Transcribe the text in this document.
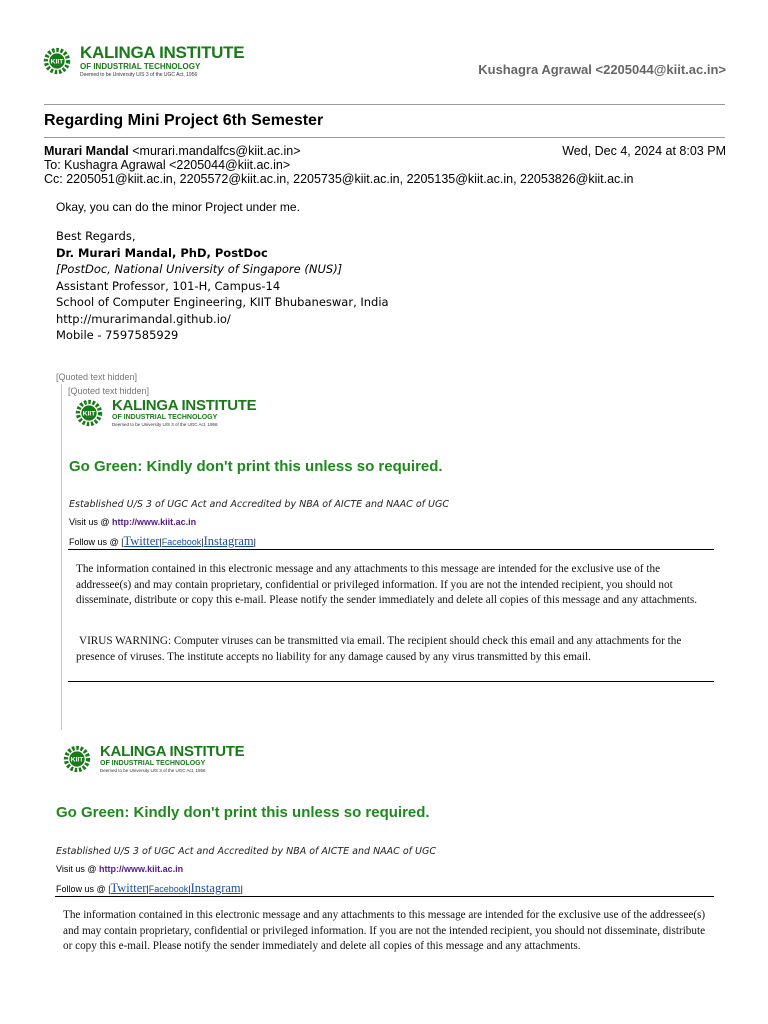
KIIT
KALINGA INSTITUTE
OF INDUSTRIAL TECHNOLOGY
Deemed to be University U/S 3 of the UGC Act, 1956	Kushagra Agrawal <2205044@kiit.ac.in>
Regarding Mini Project 6th Semester
Murari Mandal <murari.mandalfcs@kiit.ac.in>	Wed, Dec 4, 2024 at 8:03 PM
To: Kushagra Agrawal <2205044@kiit.ac.in>
Cc: 2205051@kiit.ac.in, 2205572@kiit.ac.in, 2205735@kiit.ac.in, 2205135@kiit.ac.in, 22053826@kiit.ac.in
Okay, you can do the minor Project under me.
Best Regards,
Dr. Murari Mandal, PhD, PostDoc
[PostDoc, National University of Singapore (NUS)]
Assistant Professor, 101-H, Campus-14
School of Computer Engineering, KIIT Bhubaneswar, India
http://murarimandal.github.io/
Mobile - 7597585929
[Quoted text hidden]
[Quoted text hidden]
KIIT KALINGA INSTITUTE
OF INDUSTRIAL TECHNOLOGY
Deemed to be University U/S 3 of the UGC Act, 1956
Go Green: Kindly don't print this unless so required.
Established U/S 3 of UGC Act and Accredited by NBA of AICTE and NAAC of UGC
Visit us @ http://www.kiit.ac.in
Follow us @ |Twitter|Facebook|Instagram|
The information contained in this electronic message and any attachments to this message are intended for the exclusive use of the addressee(s) and may contain proprietary, confidential or privileged information. If you are not the intended recipient, you should not disseminate, distribute or copy this e-mail. Please notify the sender immediately and delete all copies of this message and any attachments.
VIRUS WARNING: Computer viruses can be transmitted via email. The recipient should check this email and any attachments for the presence of viruses. The institute accepts no liability for any damage caused by any virus transmitted by this email.
KIIT KALINGA INSTITUTE
OF INDUSTRIAL TECHNOLOGY
Deemed to be University U/S 3 of the UGC Act, 1956
Go Green: Kindly don't print this unless so required.
Established U/S 3 of UGC Act and Accredited by NBA of AICTE and NAAC of UGC
Visit us @ http://www.kiit.ac.in
Follow us @ |Twitter|Facebook|Instagram|
The information contained in this electronic message and any attachments to this message are intended for the exclusive use of the addressee(s) and may contain proprietary, confidential or privileged information. If you are not the intended recipient, you should not disseminate, distribute or copy this e-mail. Please notify the sender immediately and delete all copies of this message and any attachments.
